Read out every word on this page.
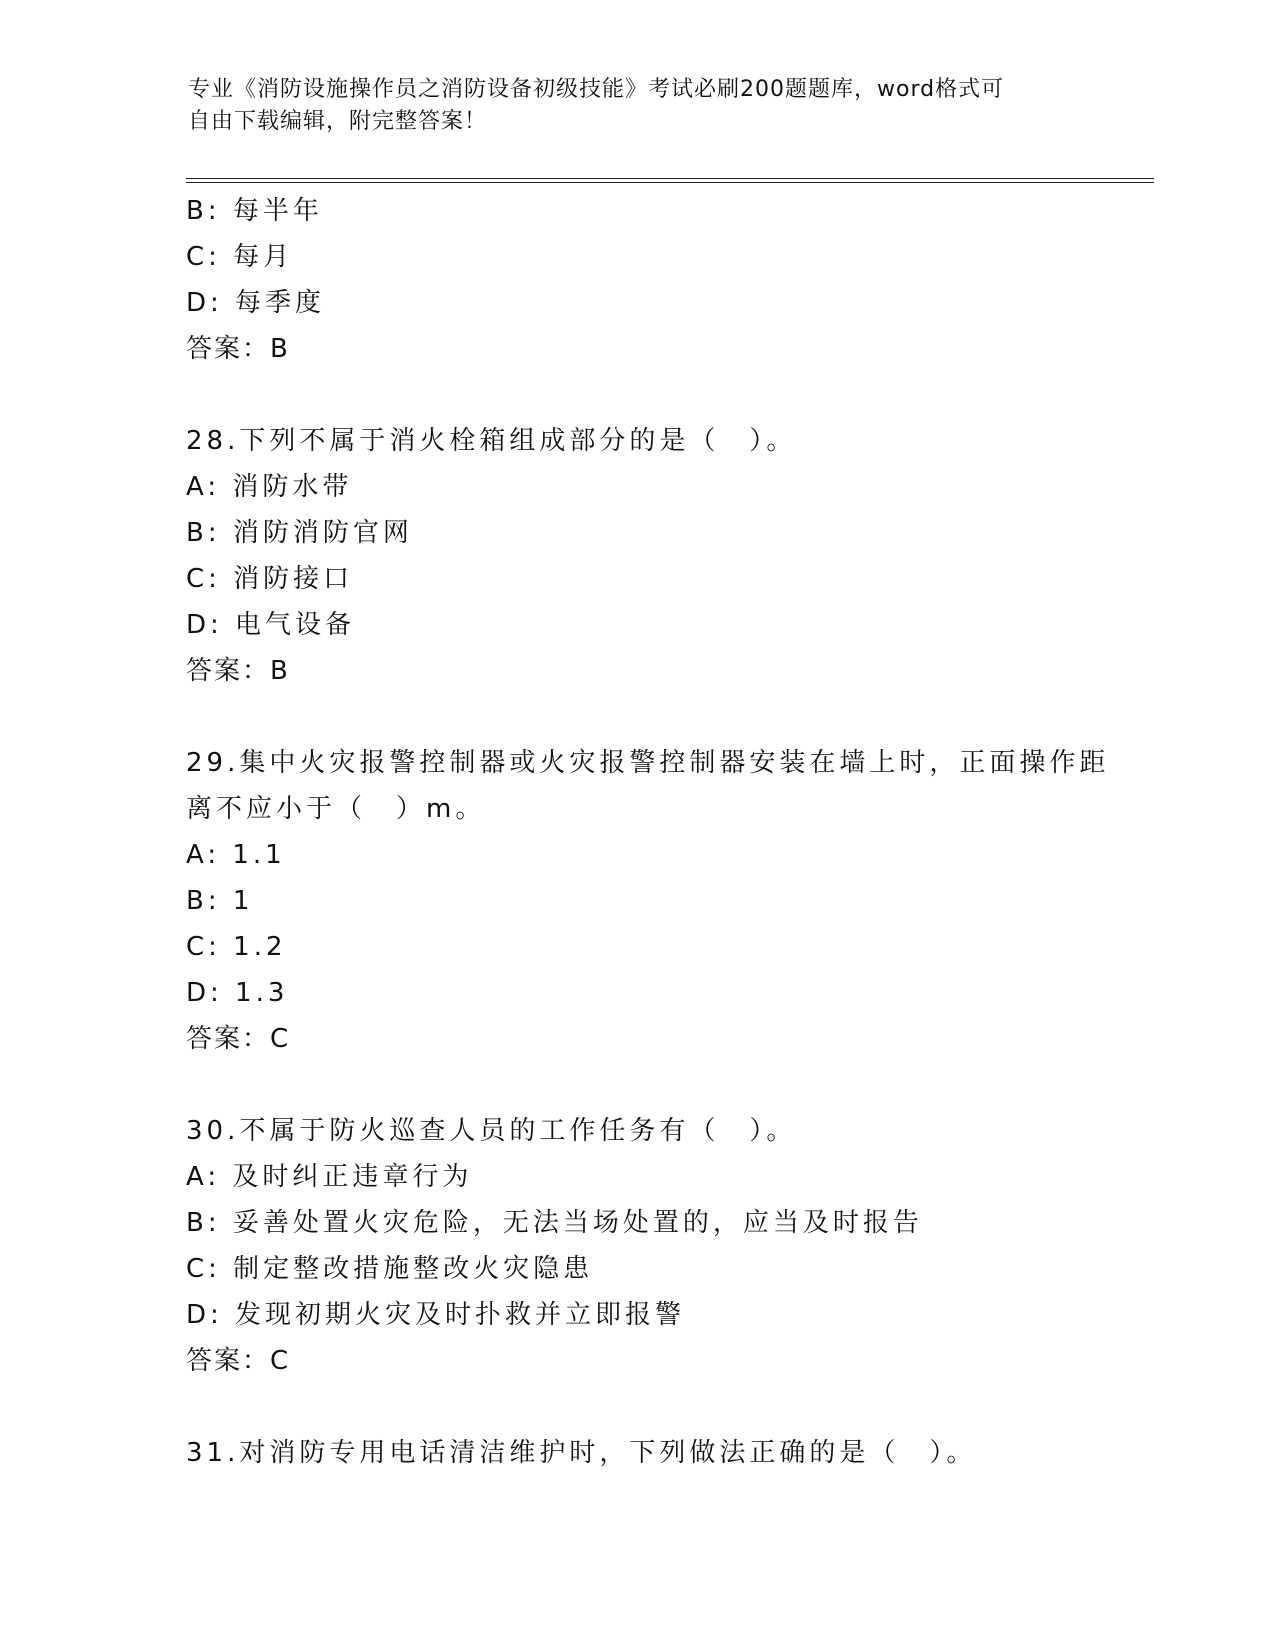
专业《消防设施操作员之消防设备初级技能》考试必刷200题题库，word格式可
自由下载编辑，附完整答案！
B: 每半年
C: 每月
D: 每季度
答案：B
28.下列不属于消火栓箱组成部分的是（　）。
A: 消防水带
B: 消防消防官网
C: 消防接口
D: 电气设备
答案：B
29.集中火灾报警控制器或火灾报警控制器安装在墙上时，正面操作距
离不应小于（　）m。
A: 1.1
B: 1
C: 1.2
D: 1.3
答案：C
30.不属于防火巡查人员的工作任务有（　）。
A: 及时纠正违章行为
B: 妥善处置火灾危险，无法当场处置的，应当及时报告
C: 制定整改措施整改火灾隐患
D: 发现初期火灾及时扑救并立即报警
答案：C
31.对消防专用电话清洁维护时，下列做法正确的是（　）。
